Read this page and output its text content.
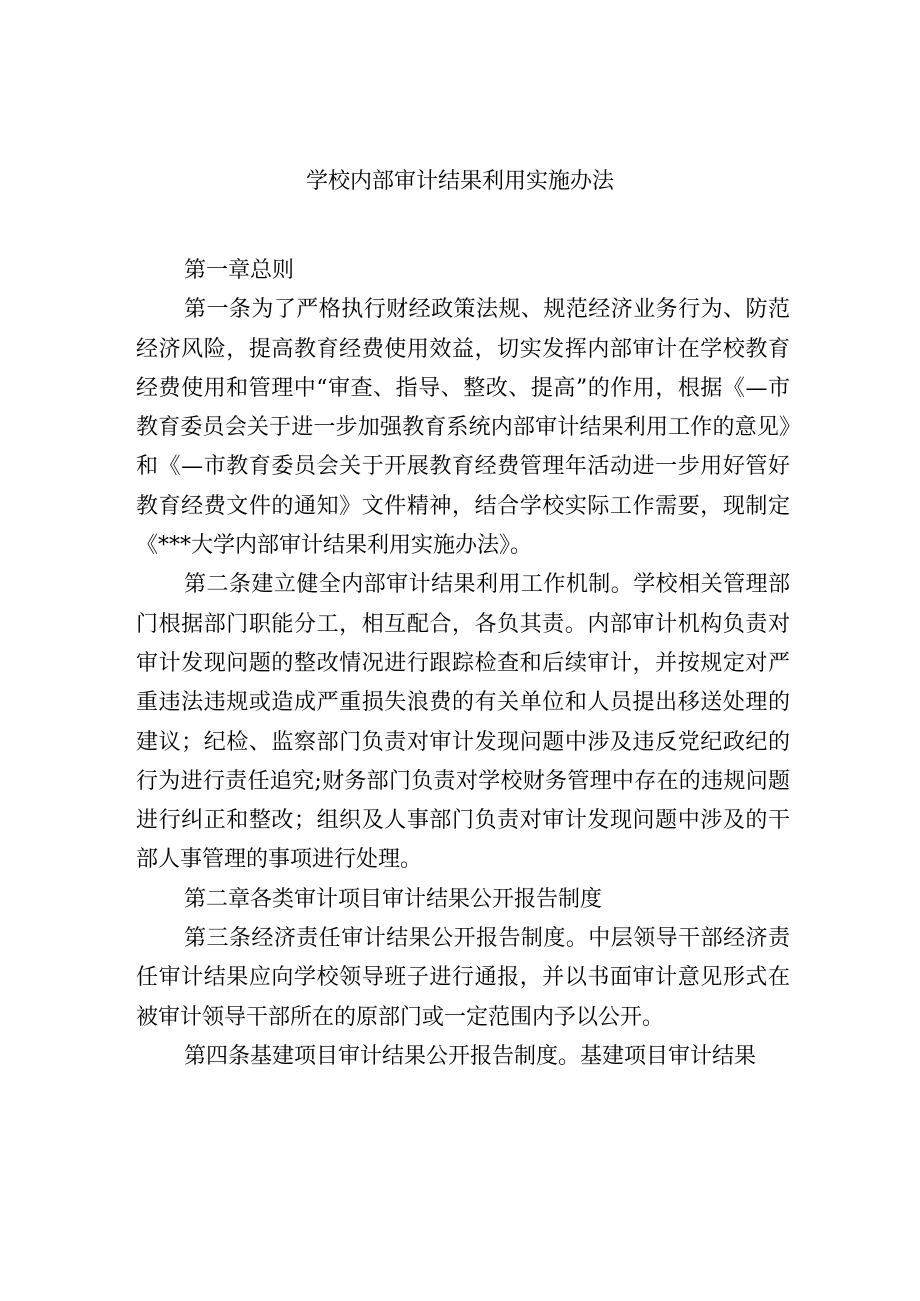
学校内部审计结果利用实施办法

第一章总则

第一条为了严格执行财经政策法规、规范经济业务行为、防范经济风险，提高教育经费使用效益，切实发挥内部审计在学校教育经费使用和管理中“审查、指导、整改、提高”的作用，根据《—市教育委员会关于进一步加强教育系统内部审计结果利用工作的意见》和《—市教育委员会关于开展教育经费管理年活动进一步用好管好教育经费文件的通知》文件精神，结合学校实际工作需要，现制定《***大学内部审计结果利用实施办法》。

第二条建立健全内部审计结果利用工作机制。学校相关管理部门根据部门职能分工，相互配合，各负其责。内部审计机构负责对审计发现问题的整改情况进行跟踪检查和后续审计，并按规定对严重违法违规或造成严重损失浪费的有关单位和人员提出移送处理的建议；纪检、监察部门负责对审计发现问题中涉及违反党纪政纪的行为进行责任追究;财务部门负责对学校财务管理中存在的违规问题进行纠正和整改；组织及人事部门负责对审计发现问题中涉及的干部人事管理的事项进行处理。

第二章各类审计项目审计结果公开报告制度

第三条经济责任审计结果公开报告制度。中层领导干部经济责任审计结果应向学校领导班子进行通报，并以书面审计意见形式在被审计领导干部所在的原部门或一定范围内予以公开。

第四条基建项目审计结果公开报告制度。基建项目审计结果
